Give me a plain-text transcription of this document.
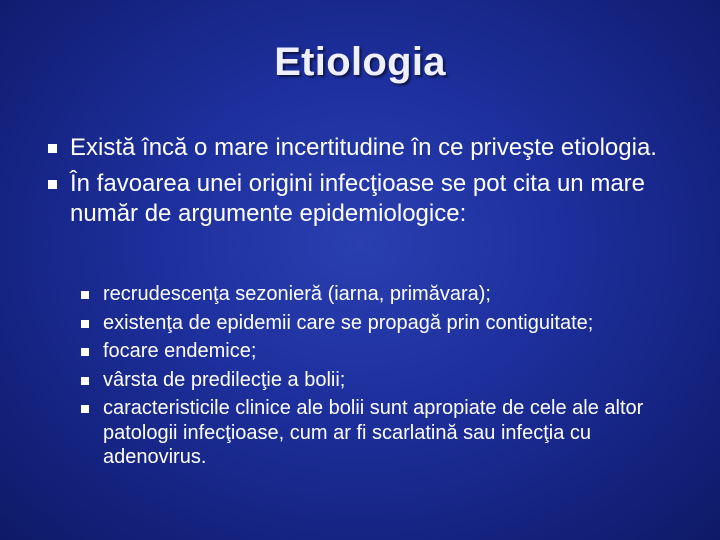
Etiologia
Există încă o mare incertitudine în ce priveşte etiologia.
În favoarea unei origini infecţioase se pot cita un mare număr de argumente epidemiologice:
recrudescenţa sezonieră (iarna, primăvara);
existenţa de epidemii care se propagă prin contiguitate;
focare endemice;
vârsta de predilecţie a bolii;
caracteristicile clinice ale bolii sunt apropiate de cele ale altor patologii infecţioase, cum ar fi scarlatină sau infecţia cu adenovirus.
